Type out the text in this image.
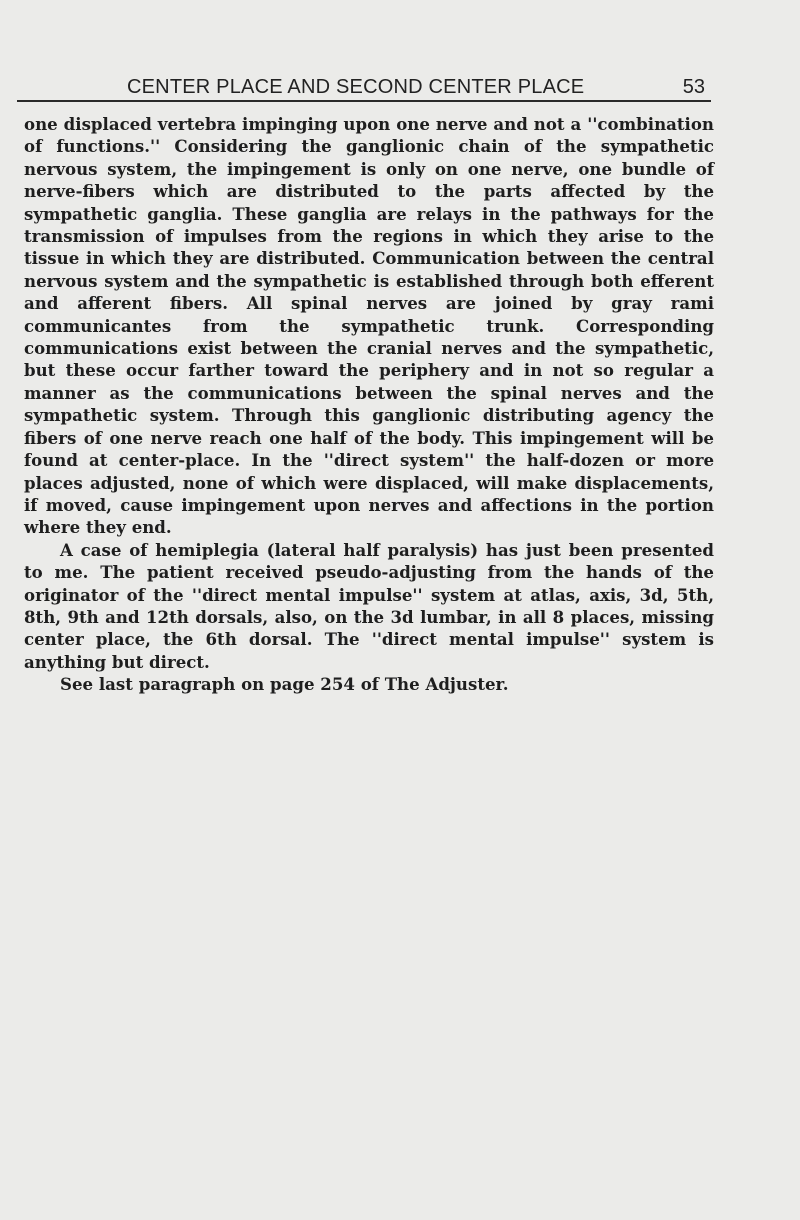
CENTER PLACE AND SECOND CENTER PLACE	53

one displaced vertebra impinging upon one nerve and not a ''combination of functions.'' Considering the ganglionic chain of the sympathetic nervous system, the impingement is only on one nerve, one bundle of nerve-fibers which are distributed to the parts affected by the sympathetic ganglia. These ganglia are relays in the pathways for the transmission of impulses from the regions in which they arise to the tissue in which they are distributed. Communication between the central nervous system and the sympathetic is established through both efferent and afferent fibers. All spinal nerves are joined by gray rami communicantes from the sympathetic trunk. Corresponding communications exist between the cranial nerves and the sympathetic, but these occur farther toward the periphery and in not so regular a manner as the communications between the spinal nerves and the sympathetic system. Through this ganglionic distributing agency the fibers of one nerve reach one half of the body. This impingement will be found at center-place. In the ''direct system'' the half-dozen or more places adjusted, none of which were displaced, will make displacements, if moved, cause impingement upon nerves and affections in the portion where they end.

A case of hemiplegia (lateral half paralysis) has just been presented to me. The patient received pseudo-adjusting from the hands of the originator of the ''direct mental impulse'' system at atlas, axis, 3d, 5th, 8th, 9th and 12th dorsals, also, on the 3d lumbar, in all 8 places, missing center place, the 6th dorsal. The ''direct mental impulse'' system is anything but direct.

See last paragraph on page 254 of The Adjuster.
